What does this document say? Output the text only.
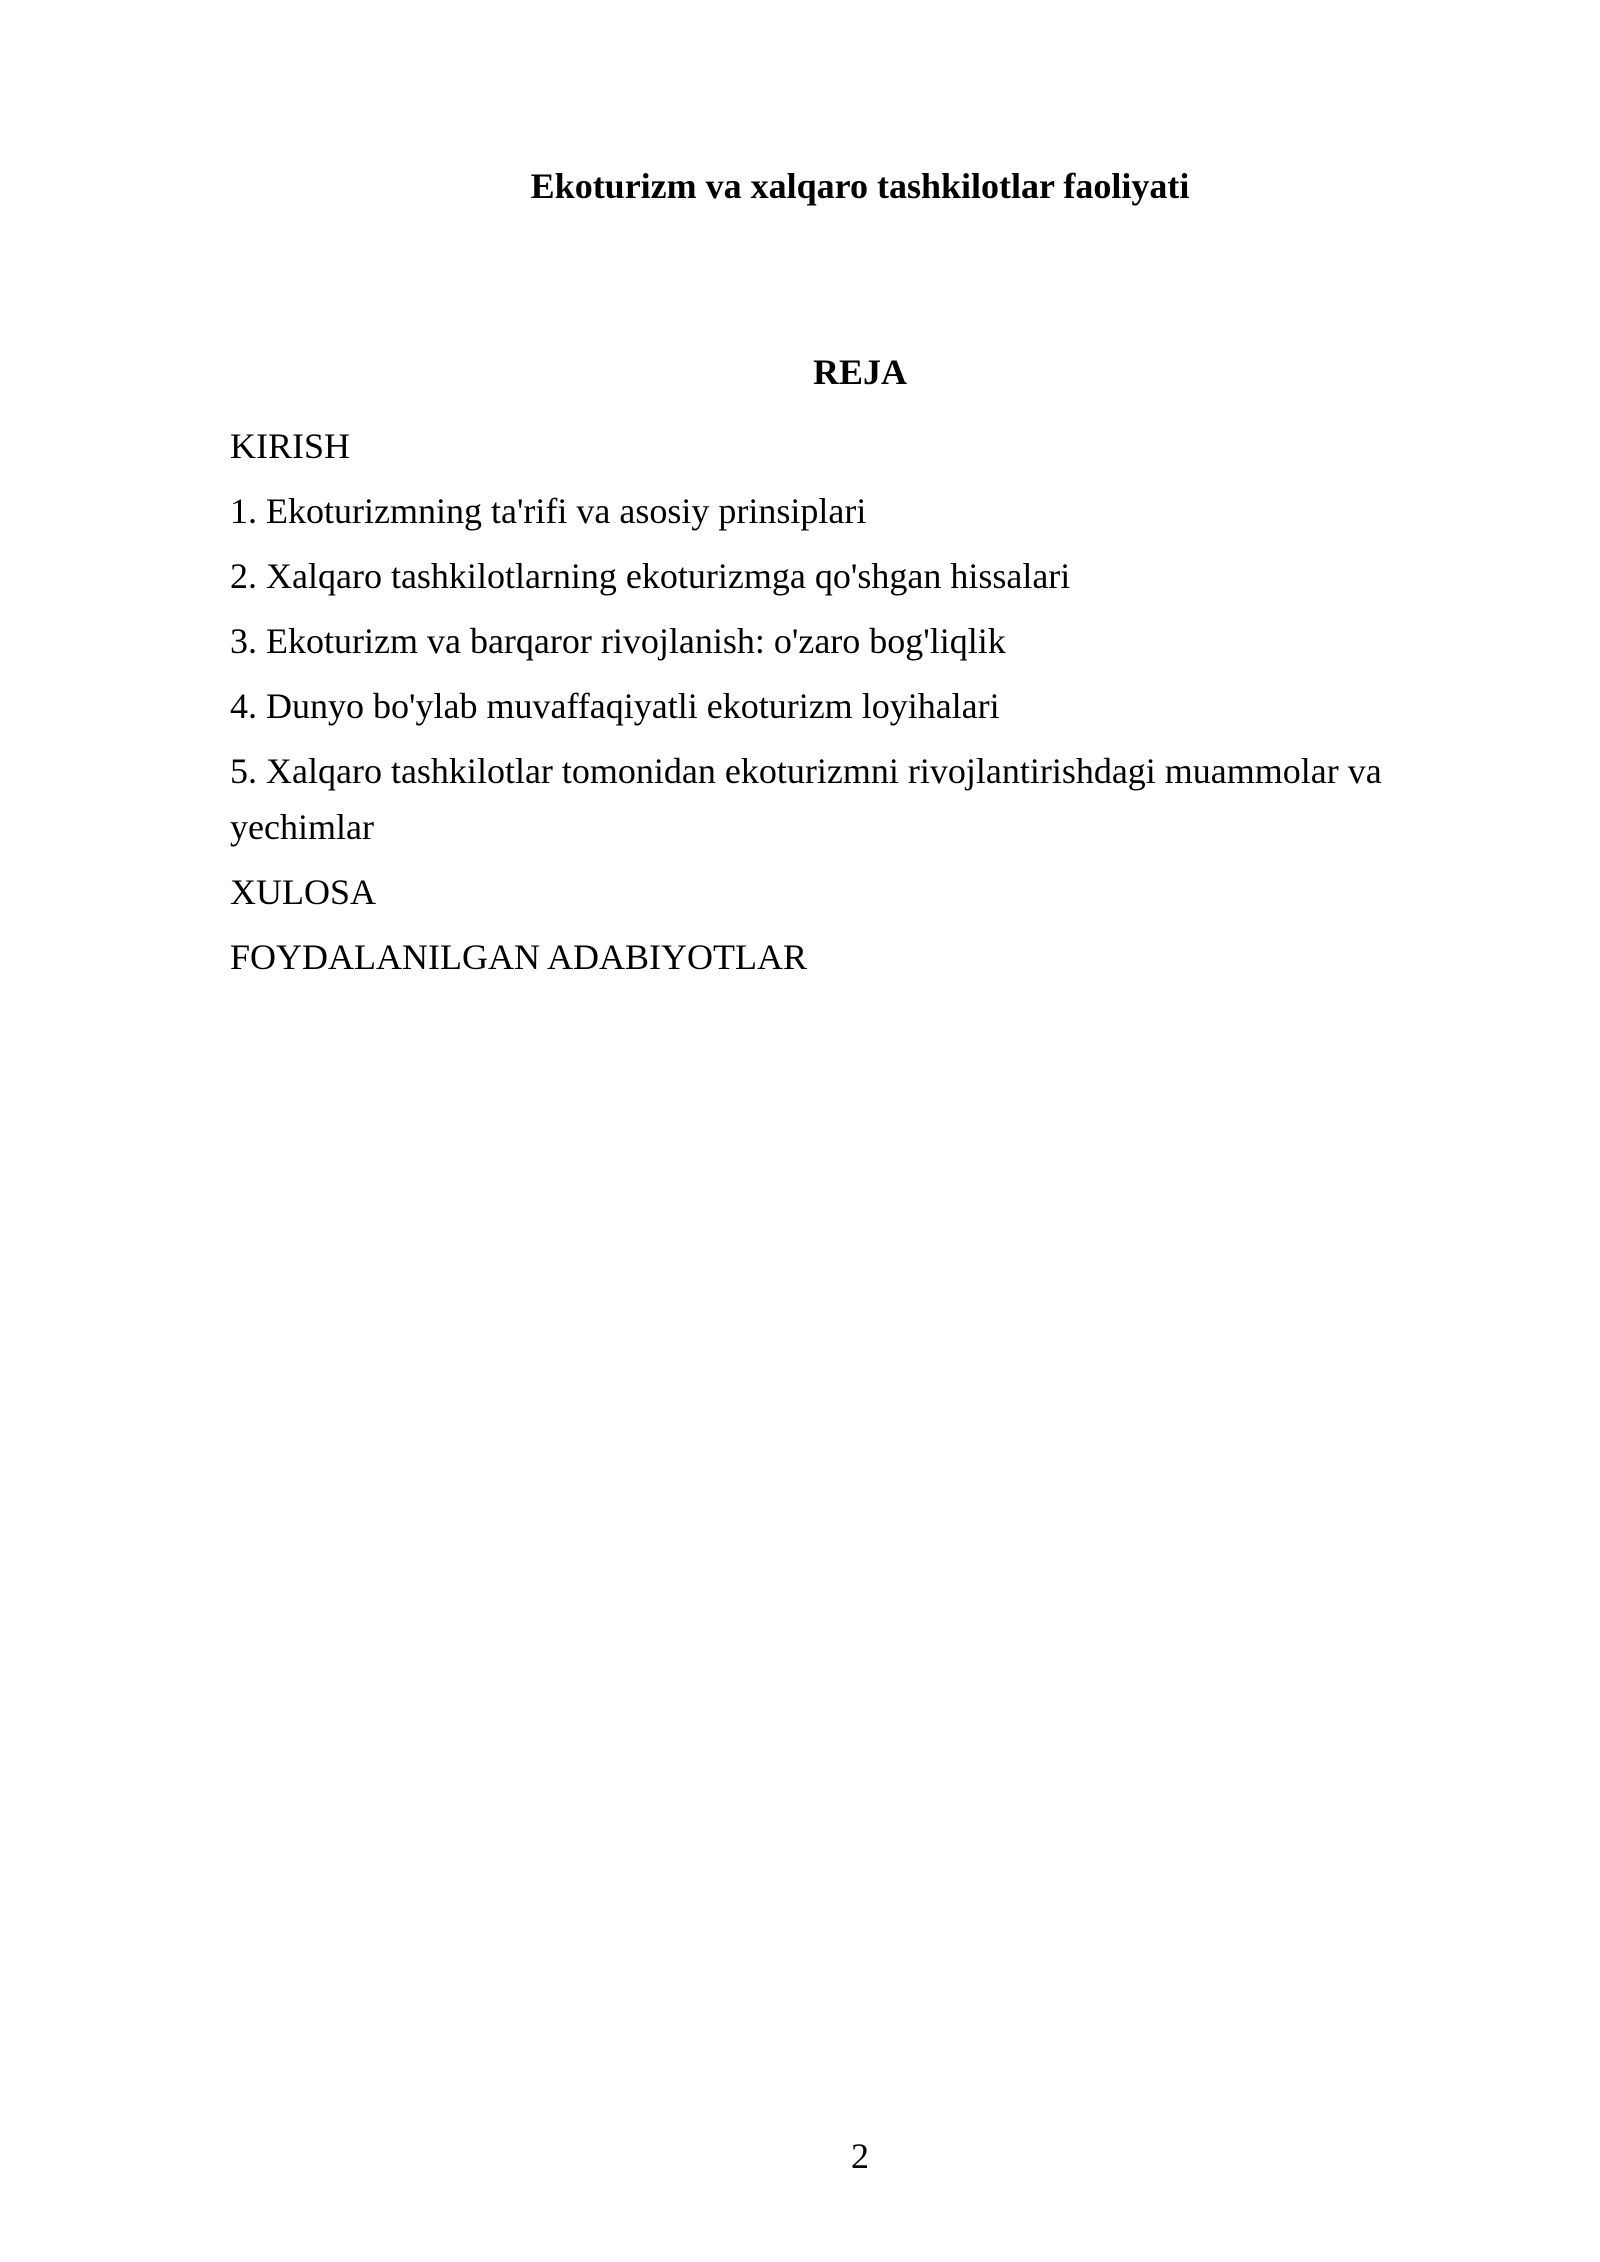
Ekoturizm va xalqaro tashkilotlar faoliyati
REJA
KIRISH
1. Ekoturizmning ta'rifi va asosiy prinsiplari
2. Xalqaro tashkilotlarning ekoturizmga qo'shgan hissalari
3. Ekoturizm va barqaror rivojlanish: o'zaro bog'liqlik
4. Dunyo bo'ylab muvaffaqiyatli ekoturizm loyihalari
5. Xalqaro tashkilotlar tomonidan ekoturizmni rivojlantirishdagi muammolar va yechimlar
XULOSA
FOYDALANILGAN ADABIYOTLAR
2
